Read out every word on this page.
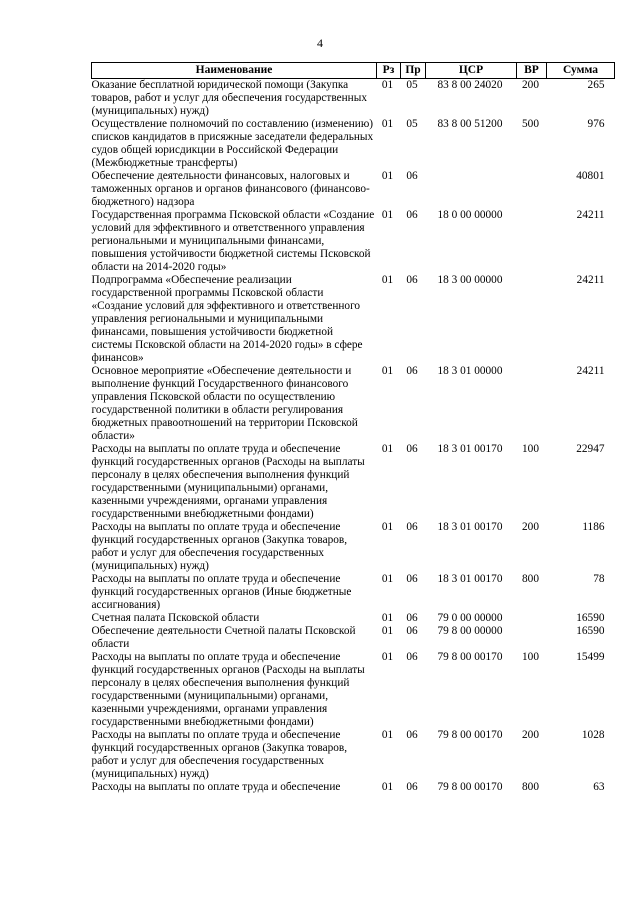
4
Наименование	Рз	Пр	ЦСР	ВР	Сумма
Оказание бесплатной юридической помощи (Закупка товаров, работ и услуг для обеспечения государственных (муниципальных) нужд)	01	05	83 8 00 24020	200	265
Осуществление полномочий по составлению (изменению) списков кандидатов в присяжные заседатели федеральных судов общей юрисдикции в Российской Федерации (Межбюджетные трансферты)	01	05	83 8 00 51200	500	976
Обеспечение деятельности финансовых, налоговых и таможенных органов и органов финансового (финансово-бюджетного) надзора	01	06			40801
Государственная программа Псковской области «Создание условий для эффективного и ответственного управления региональными и муниципальными финансами, повышения устойчивости бюджетной системы Псковской области на 2014-2020 годы»	01	06	18 0 00 00000		24211
Подпрограмма «Обеспечение реализации государственной программы Псковской области «Создание условий для эффективного и ответственного управления региональными и муниципальными финансами, повышения устойчивости бюджетной системы Псковской области на 2014-2020 годы» в сфере финансов»	01	06	18 3 00 00000		24211
Основное мероприятие «Обеспечение деятельности и выполнение функций Государственного финансового управления Псковской области по осуществлению государственной политики в области регулирования бюджетных правоотношений на территории Псковской области»	01	06	18 3 01 00000		24211
Расходы на выплаты по оплате труда и обеспечение функций государственных органов (Расходы на выплаты персоналу в целях обеспечения выполнения функций государственными (муниципальными) органами, казенными учреждениями, органами управления государственными внебюджетными фондами)	01	06	18 3 01 00170	100	22947
Расходы на выплаты по оплате труда и обеспечение функций государственных органов (Закупка товаров, работ и услуг для обеспечения государственных (муниципальных) нужд)	01	06	18 3 01 00170	200	1186
Расходы на выплаты по оплате труда и обеспечение функций государственных органов (Иные бюджетные ассигнования)	01	06	18 3 01 00170	800	78
Счетная палата Псковской области	01	06	79 0 00 00000		16590
Обеспечение деятельности Счетной палаты Псковской области	01	06	79 8 00 00000		16590
Расходы на выплаты по оплате труда и обеспечение функций государственных органов (Расходы на выплаты персоналу в целях обеспечения выполнения функций государственными (муниципальными) органами, казенными учреждениями, органами управления государственными внебюджетными фондами)	01	06	79 8 00 00170	100	15499
Расходы на выплаты по оплате труда и обеспечение функций государственных органов (Закупка товаров, работ и услуг для обеспечения государственных (муниципальных) нужд)	01	06	79 8 00 00170	200	1028
Расходы на выплаты по оплате труда и обеспечение	01	06	79 8 00 00170	800	63
